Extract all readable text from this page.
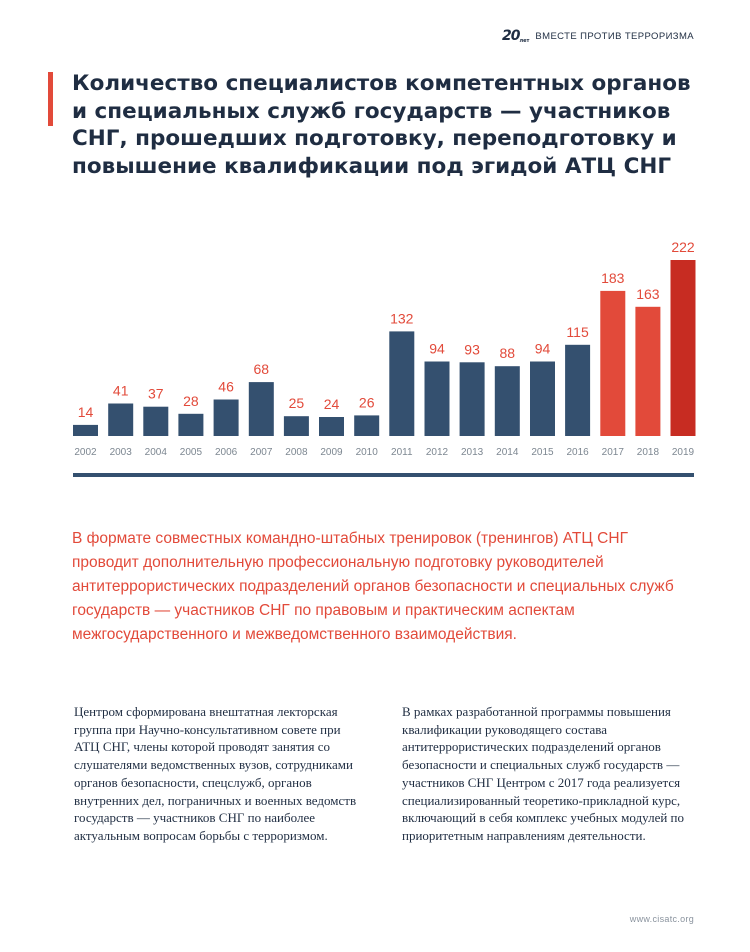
$20_{лет}$ ВМЕСТЕ ПРОТИВ ТЕРРОРИЗМА
Количество специалистов компетентных органов и специальных служб государств — участников СНГ, прошедших подготовку, переподготовку и повышение квалификации под эгидой АТЦ СНГ
14
2002
41
2003
37
2004
28
2005
46
2006
68
2007
25
2008
24
2009
26
2010
132
2011
94
2012
93
2013
88
2014
94
2015
115
2016
183
2017
163
2018
222
2019

В формате совместных командно-штабных тренировок (тренингов) АТЦ СНГ проводит дополнительную профессиональную подготовку руководителей антитеррористических подразделений органов безопасности и специальных служб государств — участников СНГ по правовым и практическим аспектам межгосударственного и межведомственного взаимодействия.

Центром сформирована внештатная лекторская группа при Научно-консультативном совете при АТЦ СНГ, члены которой проводят занятия со слушателями ведомственных вузов, сотрудниками органов безопасности, спецслужб, органов внутренних дел, пограничных и военных ведомств государств — участников СНГ по наиболее актуальным вопросам борьбы с терроризмом.

В рамках разработанной программы повышения квалификации руководящего состава антитеррористических подразделений органов безопасности и специальных служб государств — участников СНГ Центром с 2017 года реализуется специализированный теоретико-прикладной курс, включающий в себя комплекс учебных модулей по приоритетным направлениям деятельности.

www.cisatc.org
